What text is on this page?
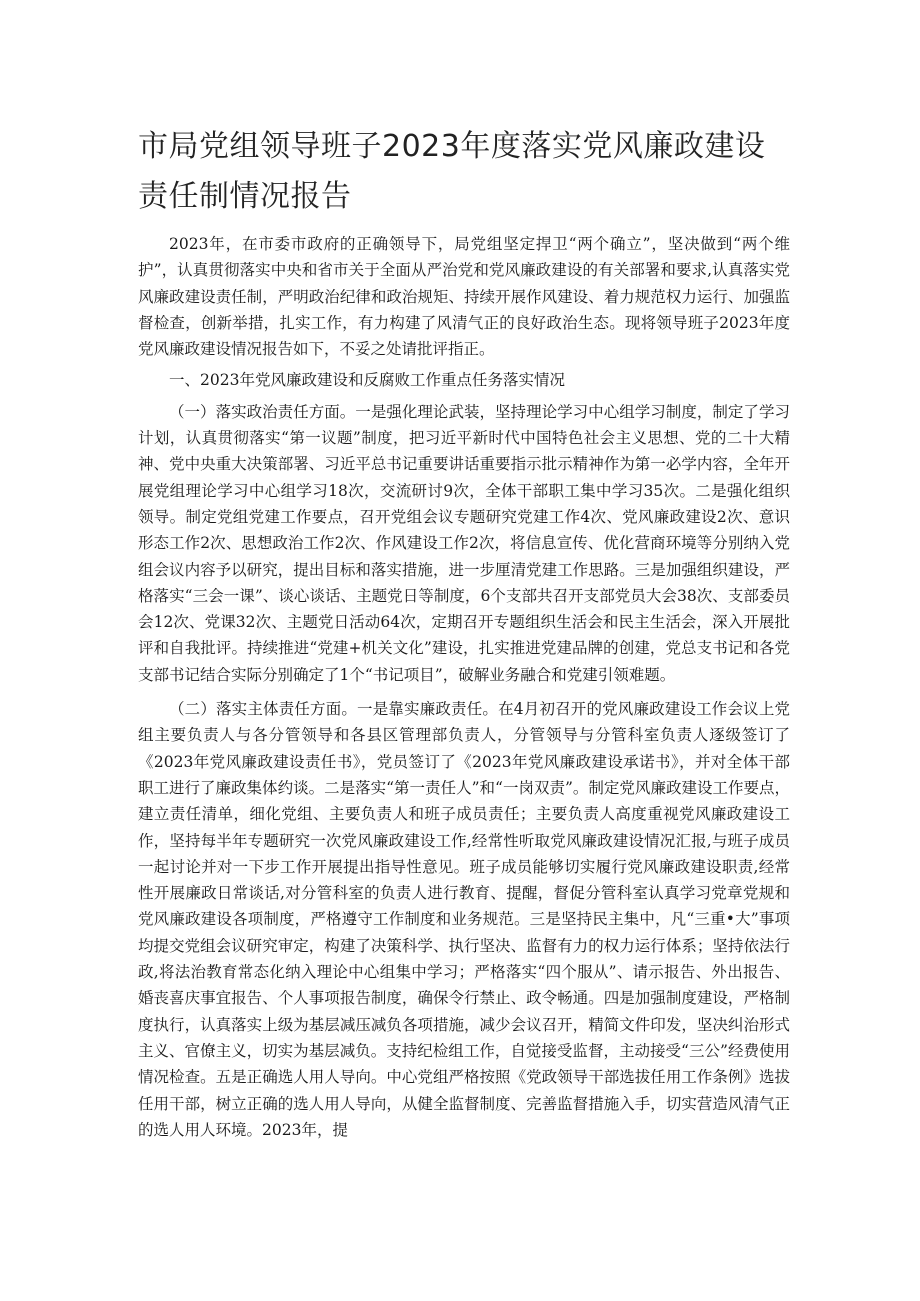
市局党组领导班子2023年度落实党风廉政建设责任制情况报告

2023年，在市委市政府的正确领导下，局党组坚定捍卫“两个确立”，坚决做到“两个维护”，认真贯彻落实中央和省市关于全面从严治党和党风廉政建设的有关部署和要求,认真落实党风廉政建设责任制，严明政治纪律和政治规矩、持续开展作风建设、着力规范权力运行、加强监督检查，创新举措，扎实工作，有力构建了风清气正的良好政治生态。现将领导班子2023年度党风廉政建设情况报告如下，不妥之处请批评指正。

一、2023年党风廉政建设和反腐败工作重点任务落实情况

（一）落实政治责任方面。一是强化理论武装，坚持理论学习中心组学习制度，制定了学习计划，认真贯彻落实“第一议题”制度，把习近平新时代中国特色社会主义思想、党的二十大精神、党中央重大决策部署、习近平总书记重要讲话重要指示批示精神作为第一必学内容，全年开展党组理论学习中心组学习18次，交流研讨9次，全体干部职工集中学习35次。二是强化组织领导。制定党组党建工作要点，召开党组会议专题研究党建工作4次、党风廉政建设2次、意识形态工作2次、思想政治工作2次、作风建设工作2次，将信息宣传、优化营商环境等分别纳入党组会议内容予以研究，提出目标和落实措施，进一步厘清党建工作思路。三是加强组织建设，严格落实“三会一课”、谈心谈话、主题党日等制度，6个支部共召开支部党员大会38次、支部委员会12次、党课32次、主题党日活动64次，定期召开专题组织生活会和民主生活会，深入开展批评和自我批评。持续推进“党建+机关文化”建设，扎实推进党建品牌的创建，党总支书记和各党支部书记结合实际分别确定了1个“书记项目”，破解业务融合和党建引领难题。

（二）落实主体责任方面。一是靠实廉政责任。在4月初召开的党风廉政建设工作会议上党组主要负责人与各分管领导和各县区管理部负责人，分管领导与分管科室负责人逐级签订了《2023年党风廉政建设责任书》，党员签订了《2023年党风廉政建设承诺书》，并对全体干部职工进行了廉政集体约谈。二是落实“第一责任人”和“一岗双责”。制定党风廉政建设工作要点，建立责任清单，细化党组、主要负责人和班子成员责任；主要负责人高度重视党风廉政建设工作，坚持每半年专题研究一次党风廉政建设工作,经常性听取党风廉政建设情况汇报,与班子成员一起讨论并对一下步工作开展提出指导性意见。班子成员能够切实履行党风廉政建设职责,经常性开展廉政日常谈话,对分管科室的负责人进行教育、提醒，督促分管科室认真学习党章党规和党风廉政建设各项制度，严格遵守工作制度和业务规范。三是坚持民主集中，凡“三重•大”事项均提交党组会议研究审定，构建了决策科学、执行坚决、监督有力的权力运行体系；坚持依法行政,将法治教育常态化纳入理论中心组集中学习；严格落实“四个服从”、请示报告、外出报告、婚丧喜庆事宜报告、个人事项报告制度，确保令行禁止、政令畅通。四是加强制度建设，严格制度执行，认真落实上级为基层减压减负各项措施，减少会议召开，精简文件印发，坚决纠治形式主义、官僚主义，切实为基层减负。支持纪检组工作，自觉接受监督，主动接受“三公”经费使用情况检查。五是正确选人用人导向。中心党组严格按照《党政领导干部选拔任用工作条例》选拔任用干部，树立正确的选人用人导向，从健全监督制度、完善监督措施入手，切实营造风清气正的选人用人环境。2023年，提
